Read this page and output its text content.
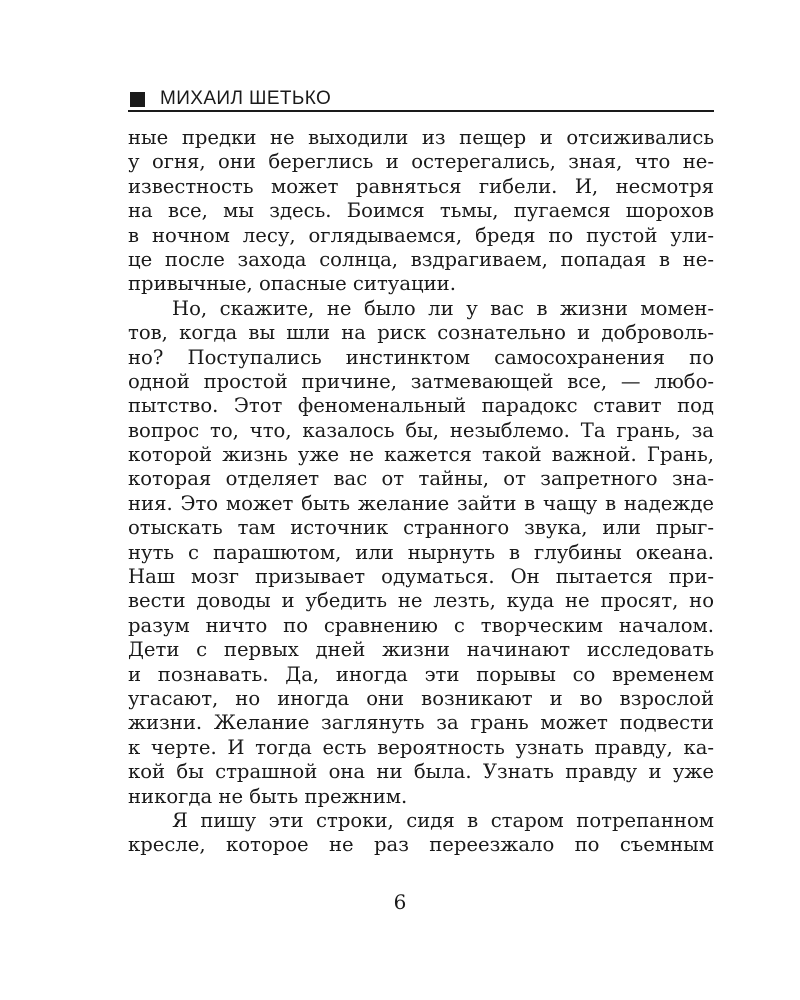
МИХАИЛ ШЕТЬКО
ные предки не выходили из пещер и отсиживались
у огня, они береглись и остерегались, зная, что не-
известность может равняться гибели. И, несмотря
на все, мы здесь. Боимся тьмы, пугаемся шорохов
в ночном лесу, оглядываемся, бредя по пустой ули-
це после захода солнца, вздрагиваем, попадая в не-
привычные, опасные ситуации.
Но, скажите, не было ли у вас в жизни момен-
тов, когда вы шли на риск сознательно и доброволь-
но? Поступались инстинктом самосохранения по
одной простой причине, затмевающей все, — любо-
пытство. Этот феноменальный парадокс ставит под
вопрос то, что, казалось бы, незыблемо. Та грань, за
которой жизнь уже не кажется такой важной. Грань,
которая отделяет вас от тайны, от запретного зна-
ния. Это может быть желание зайти в чащу в надежде
отыскать там источник странного звука, или прыг-
нуть с парашютом, или нырнуть в глубины океана.
Наш мозг призывает одуматься. Он пытается при-
вести доводы и убедить не лезть, куда не просят, но
разум ничто по сравнению с творческим началом.
Дети с первых дней жизни начинают исследовать
и познавать. Да, иногда эти порывы со временем
угасают, но иногда они возникают и во взрослой
жизни. Желание заглянуть за грань может подвести
к черте. И тогда есть вероятность узнать правду, ка-
кой бы страшной она ни была. Узнать правду и уже
никогда не быть прежним.
Я пишу эти строки, сидя в старом потрепанном
кресле, которое не раз переезжало по съемным
6
